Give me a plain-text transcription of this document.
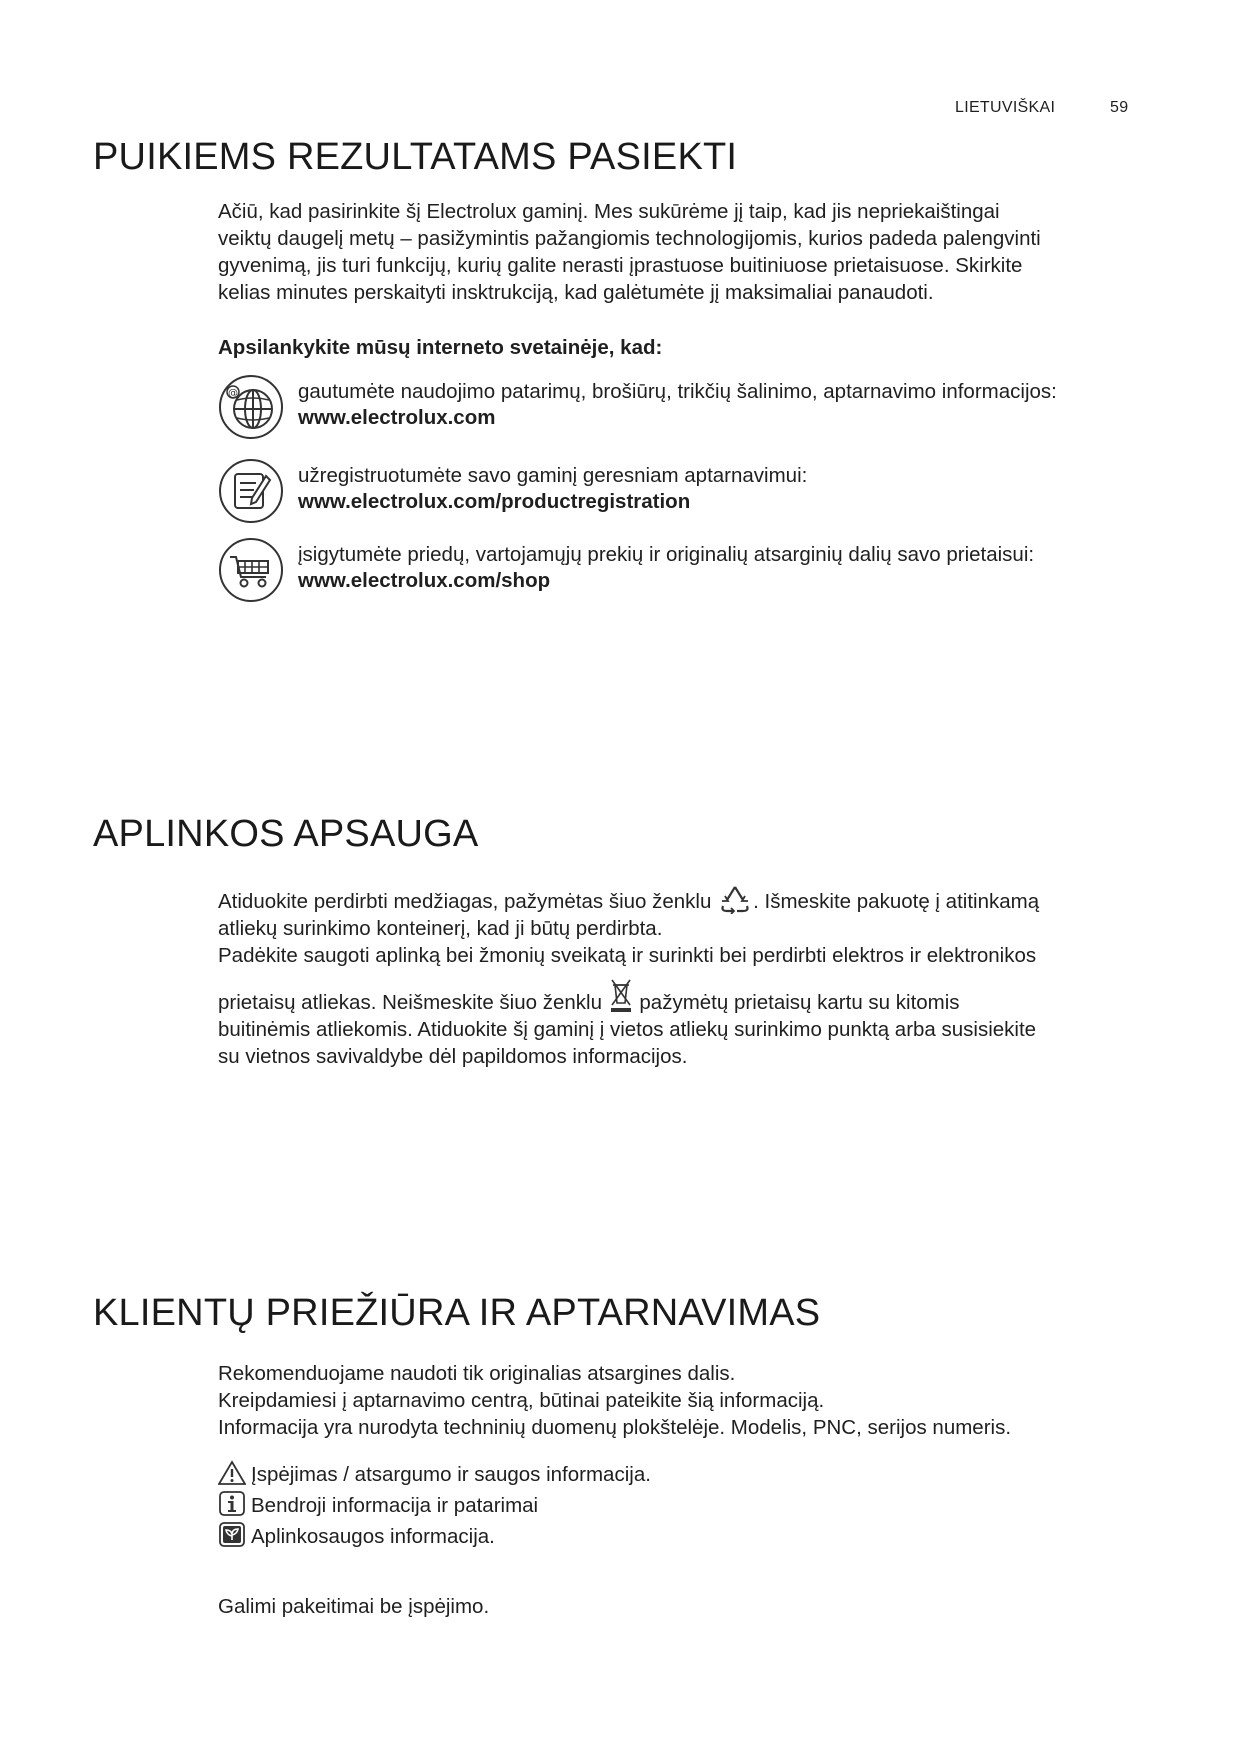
LIETUVIŠKAI	59
PUIKIEMS REZULTATAMS PASIEKTI

Ačiū, kad pasirinkite šį Electrolux gaminį. Mes sukūrėme jį taip, kad jis nepriekaištingai

veiktų daugelį metų – pasižymintis pažangiomis technologijomis, kurios padeda palengvinti

gyvenimą, jis turi funkcijų, kurių galite nerasti įprastuose buitiniuose prietaisuose. Skirkite

kelias minutes perskaityti insktrukciją, kad galėtumėte jį maksimaliai panaudoti.

Apsilankykite mūsų interneto svetainėje, kad:
@	gautumėte naudojimo patarimų, brošiūrų, trikčių šalinimo, aptarnavimo informacijos:
www.electrolux.com
užregistruotumėte savo gaminį geresniam aptarnavimui:
www.electrolux.com/productregistration
įsigytumėte priedų, vartojamųjų prekių ir originalių atsarginių dalių savo prietaisui:
www.electrolux.com/shop
APLINKOS APSAUGA

Atiduokite perdirbti medžiagas, pažymėtas šiuo ženklu . Išmeskite pakuotę į atitinkamą

atliekų surinkimo konteinerį, kad ji būtų perdirbta.

Padėkite saugoti aplinką bei žmonių sveikatą ir surinkti bei perdirbti elektros ir elektronikos

prietaisų atliekas. Neišmeskite šiuo ženklu pažymėtų prietaisų kartu su kitomis

buitinėmis atliekomis. Atiduokite šį gaminį į vietos atliekų surinkimo punktą arba susisiekite

su vietnos savivaldybe dėl papildomos informacijos.

KLIENTŲ PRIEŽIŪRA IR APTARNAVIMAS

Rekomenduojame naudoti tik originalias atsargines dalis.

Kreipdamiesi į aptarnavimo centrą, būtinai pateikite šią informaciją.

Informacija yra nurodyta techninių duomenų plokštelėje. Modelis, PNC, serijos numeris.

Įspėjimas / atsargumo ir saugos informacija.
Bendroji informacija ir patarimai
Aplinkosaugos informacija.
Galimi pakeitimai be įspėjimo.
